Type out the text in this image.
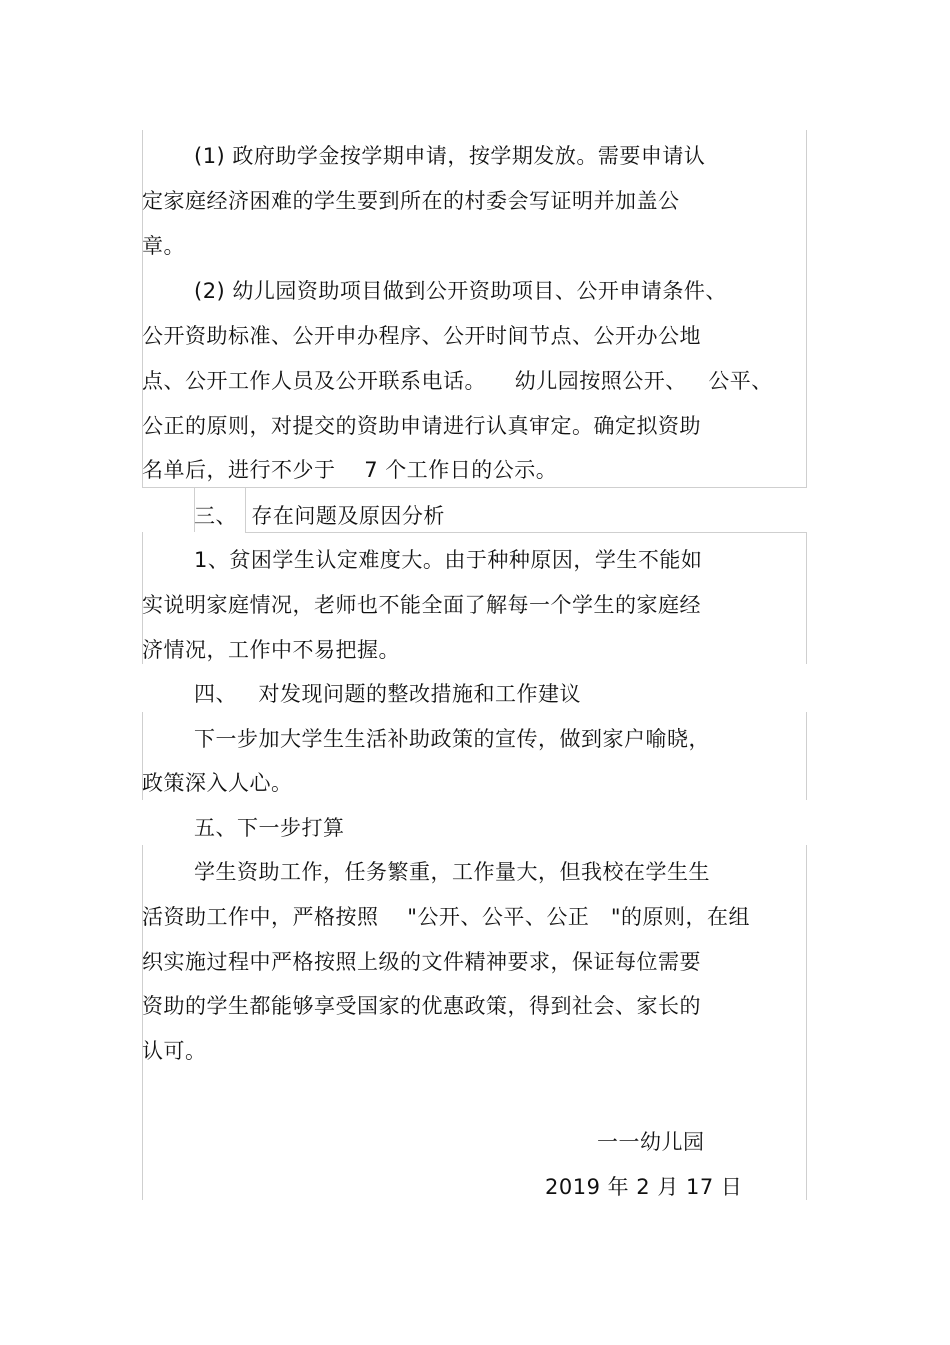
(1) 政府助学金按学期申请，按学期发放。需要申请认
定家庭经济困难的学生要到所在的村委会写证明并加盖公
章。
(2) 幼儿园资助项目做到公开资助项目、公开申请条件、
公开资助标准、公开申办程序、公开时间节点、公开办公地
点、公开工作人员及公开联系电话。    幼儿园按照公开、   公平、
公正的原则，对提交的资助申请进行认真审定。确定拟资助
名单后，进行不少于    7 个工作日的公示。
三、  存在问题及原因分析
1、贫困学生认定难度大。由于种种原因，学生不能如
实说明家庭情况，老师也不能全面了解每一个学生的家庭经
济情况，工作中不易把握。
四、   对发现问题的整改措施和工作建议
下一步加大学生生活补助政策的宣传，做到家户喻晓，
政策深入人心。
五、下一步打算
学生资助工作，任务繁重，工作量大，但我校在学生生
活资助工作中，严格按照    "公开、公平、公正   "的原则，在组
织实施过程中严格按照上级的文件精神要求，保证每位需要
资助的学生都能够享受国家的优惠政策，得到社会、家长的
认可。
一一幼儿园
2019 年 2 月 17 日
